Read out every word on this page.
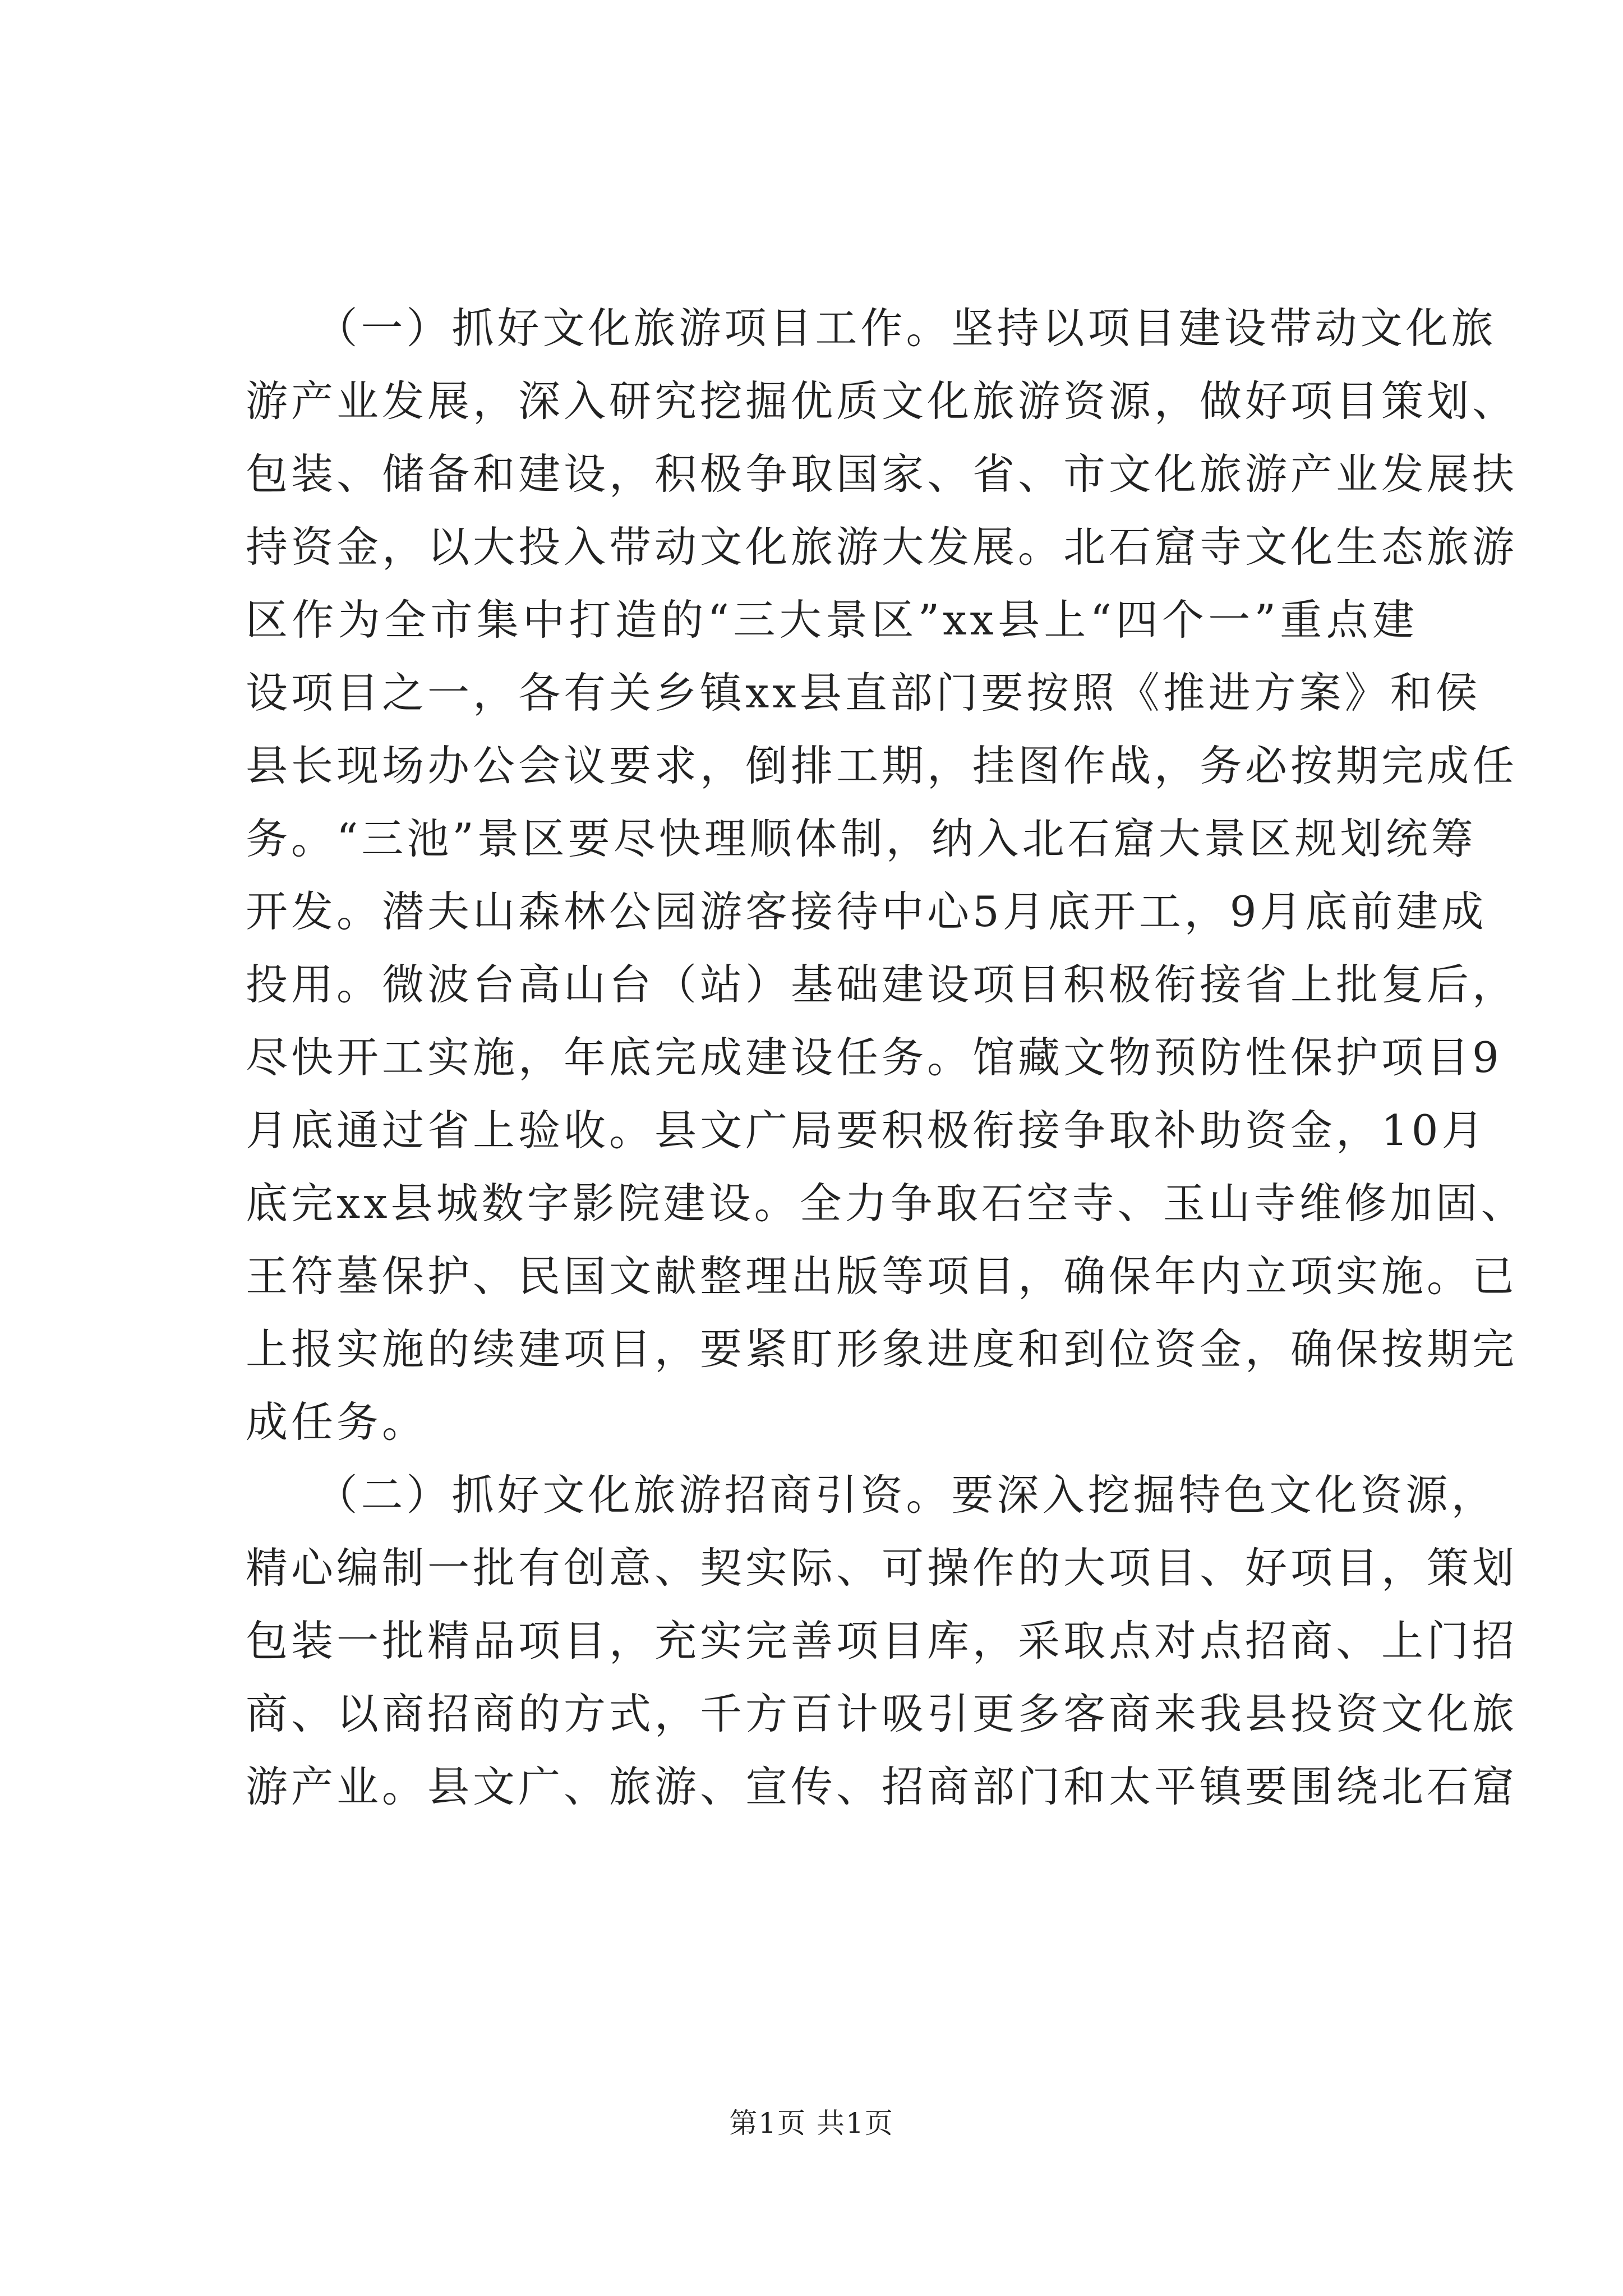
　　（一）抓好文化旅游项目工作。坚持以项目建设带动文化旅
游产业发展，深入研究挖掘优质文化旅游资源，做好项目策划、
包装、储备和建设，积极争取国家、省、市文化旅游产业发展扶
持资金，以大投入带动文化旅游大发展。北石窟寺文化生态旅游
区作为全市集中打造的“三大景区”xx县上“四个一”重点建
设项目之一，各有关乡镇xx县直部门要按照《推进方案》和侯
县长现场办公会议要求，倒排工期，挂图作战，务必按期完成任
务。“三池”景区要尽快理顺体制，纳入北石窟大景区规划统筹
开发。潜夫山森林公园游客接待中心5月底开工，9月底前建成
投用。微波台高山台（站）基础建设项目积极衔接省上批复后，
尽快开工实施，年底完成建设任务。馆藏文物预防性保护项目9
月底通过省上验收。县文广局要积极衔接争取补助资金，10月
底完xx县城数字影院建设。全力争取石空寺、玉山寺维修加固、
王符墓保护、民国文献整理出版等项目，确保年内立项实施。已
上报实施的续建项目，要紧盯形象进度和到位资金，确保按期完
成任务。
　　（二）抓好文化旅游招商引资。要深入挖掘特色文化资源，
精心编制一批有创意、契实际、可操作的大项目、好项目，策划
包装一批精品项目，充实完善项目库，采取点对点招商、上门招
商、以商招商的方式，千方百计吸引更多客商来我县投资文化旅
游产业。县文广、旅游、宣传、招商部门和太平镇要围绕北石窟
第1页 共1页
